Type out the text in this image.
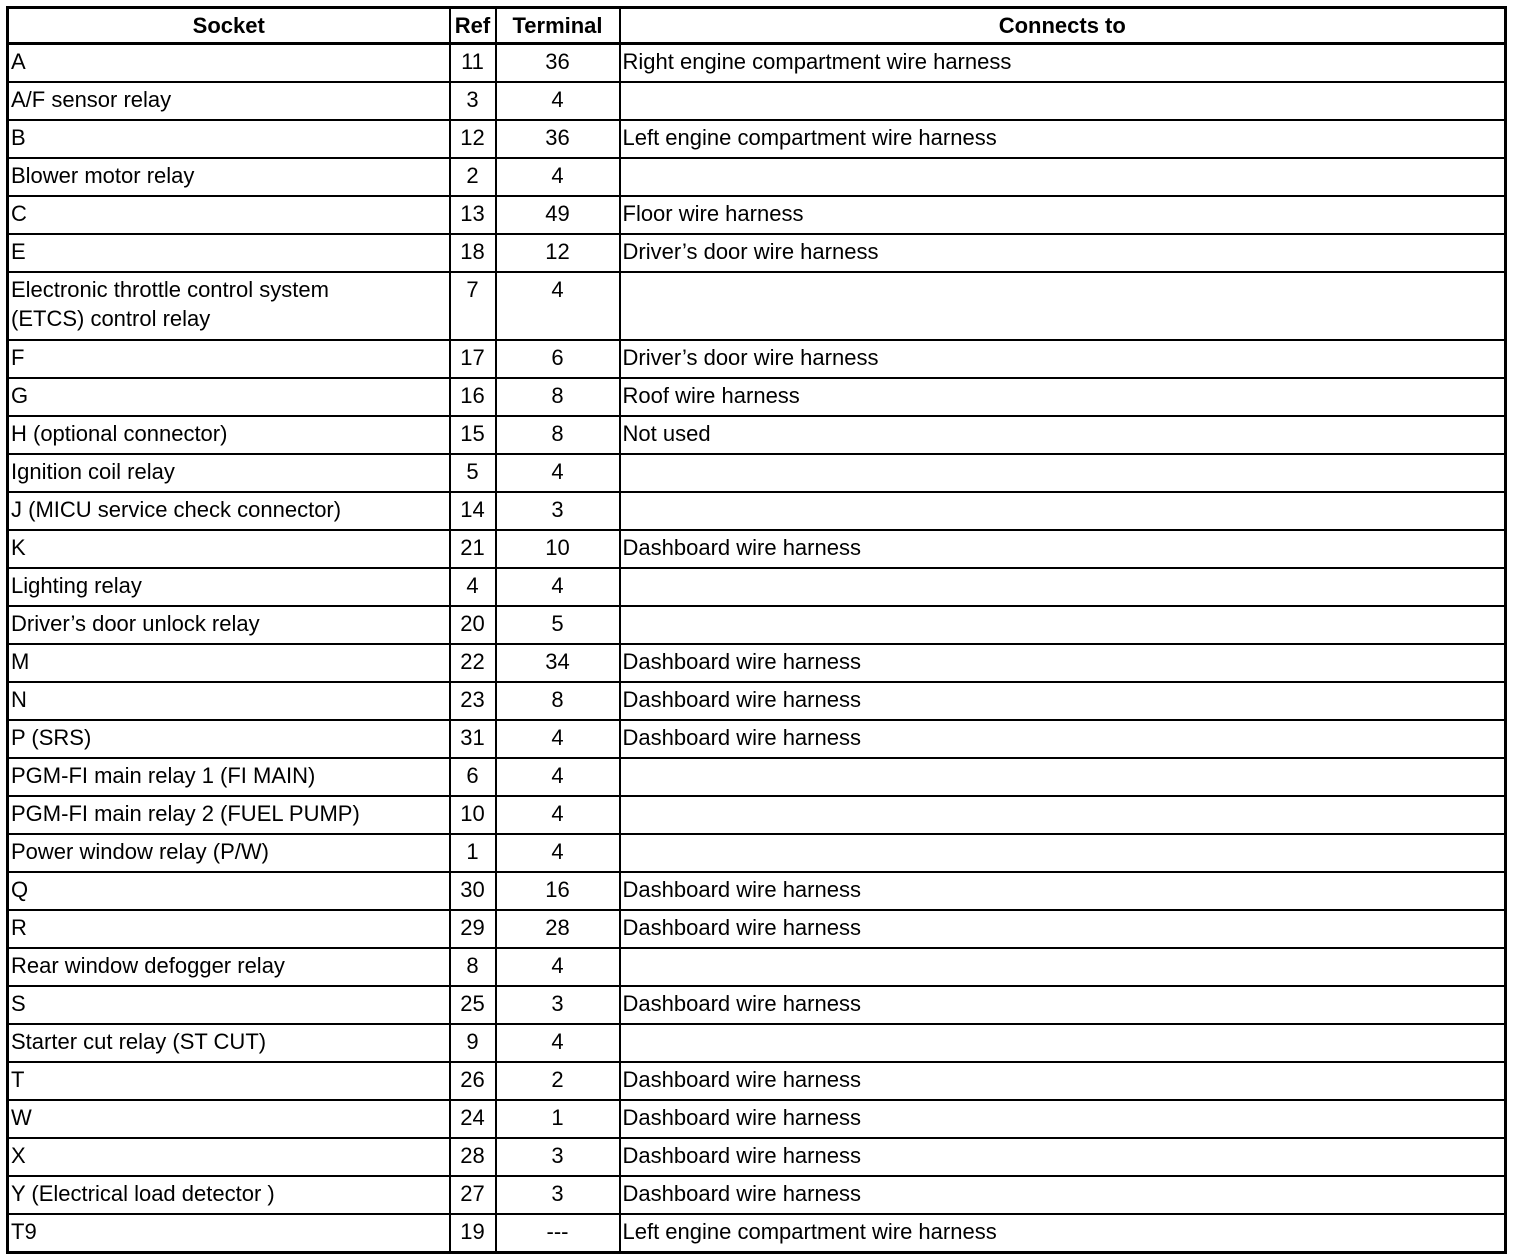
Socket	Ref	Terminal	Connects to

A	11	36	Right engine compartment wire harness

A/F sensor relay	3	4	

B	12	36	Left engine compartment wire harness

Blower motor relay	2	4	

C	13	49	Floor wire harness

E	18	12	Driver’s door wire harness

Electronic throttle control system
(ETCS) control relay	7	4	

F	17	6	Driver’s door wire harness

G	16	8	Roof wire harness

H (optional connector)	15	8	Not used

Ignition coil relay	5	4	

J (MICU service check connector)	14	3	

K	21	10	Dashboard wire harness

Lighting relay	4	4	

Driver’s door unlock relay	20	5	

M	22	34	Dashboard wire harness

N	23	8	Dashboard wire harness

P (SRS)	31	4	Dashboard wire harness

PGM-FI main relay 1 (FI MAIN)	6	4	

PGM-FI main relay 2 (FUEL PUMP)	10	4	

Power window relay (P/W)	1	4	

Q	30	16	Dashboard wire harness

R	29	28	Dashboard wire harness

Rear window defogger relay	8	4	

S	25	3	Dashboard wire harness

Starter cut relay (ST CUT)	9	4	

T	26	2	Dashboard wire harness

W	24	1	Dashboard wire harness

X	28	3	Dashboard wire harness

Y (Electrical load detector )	27	3	Dashboard wire harness

T9	19	---	Left engine compartment wire harness
